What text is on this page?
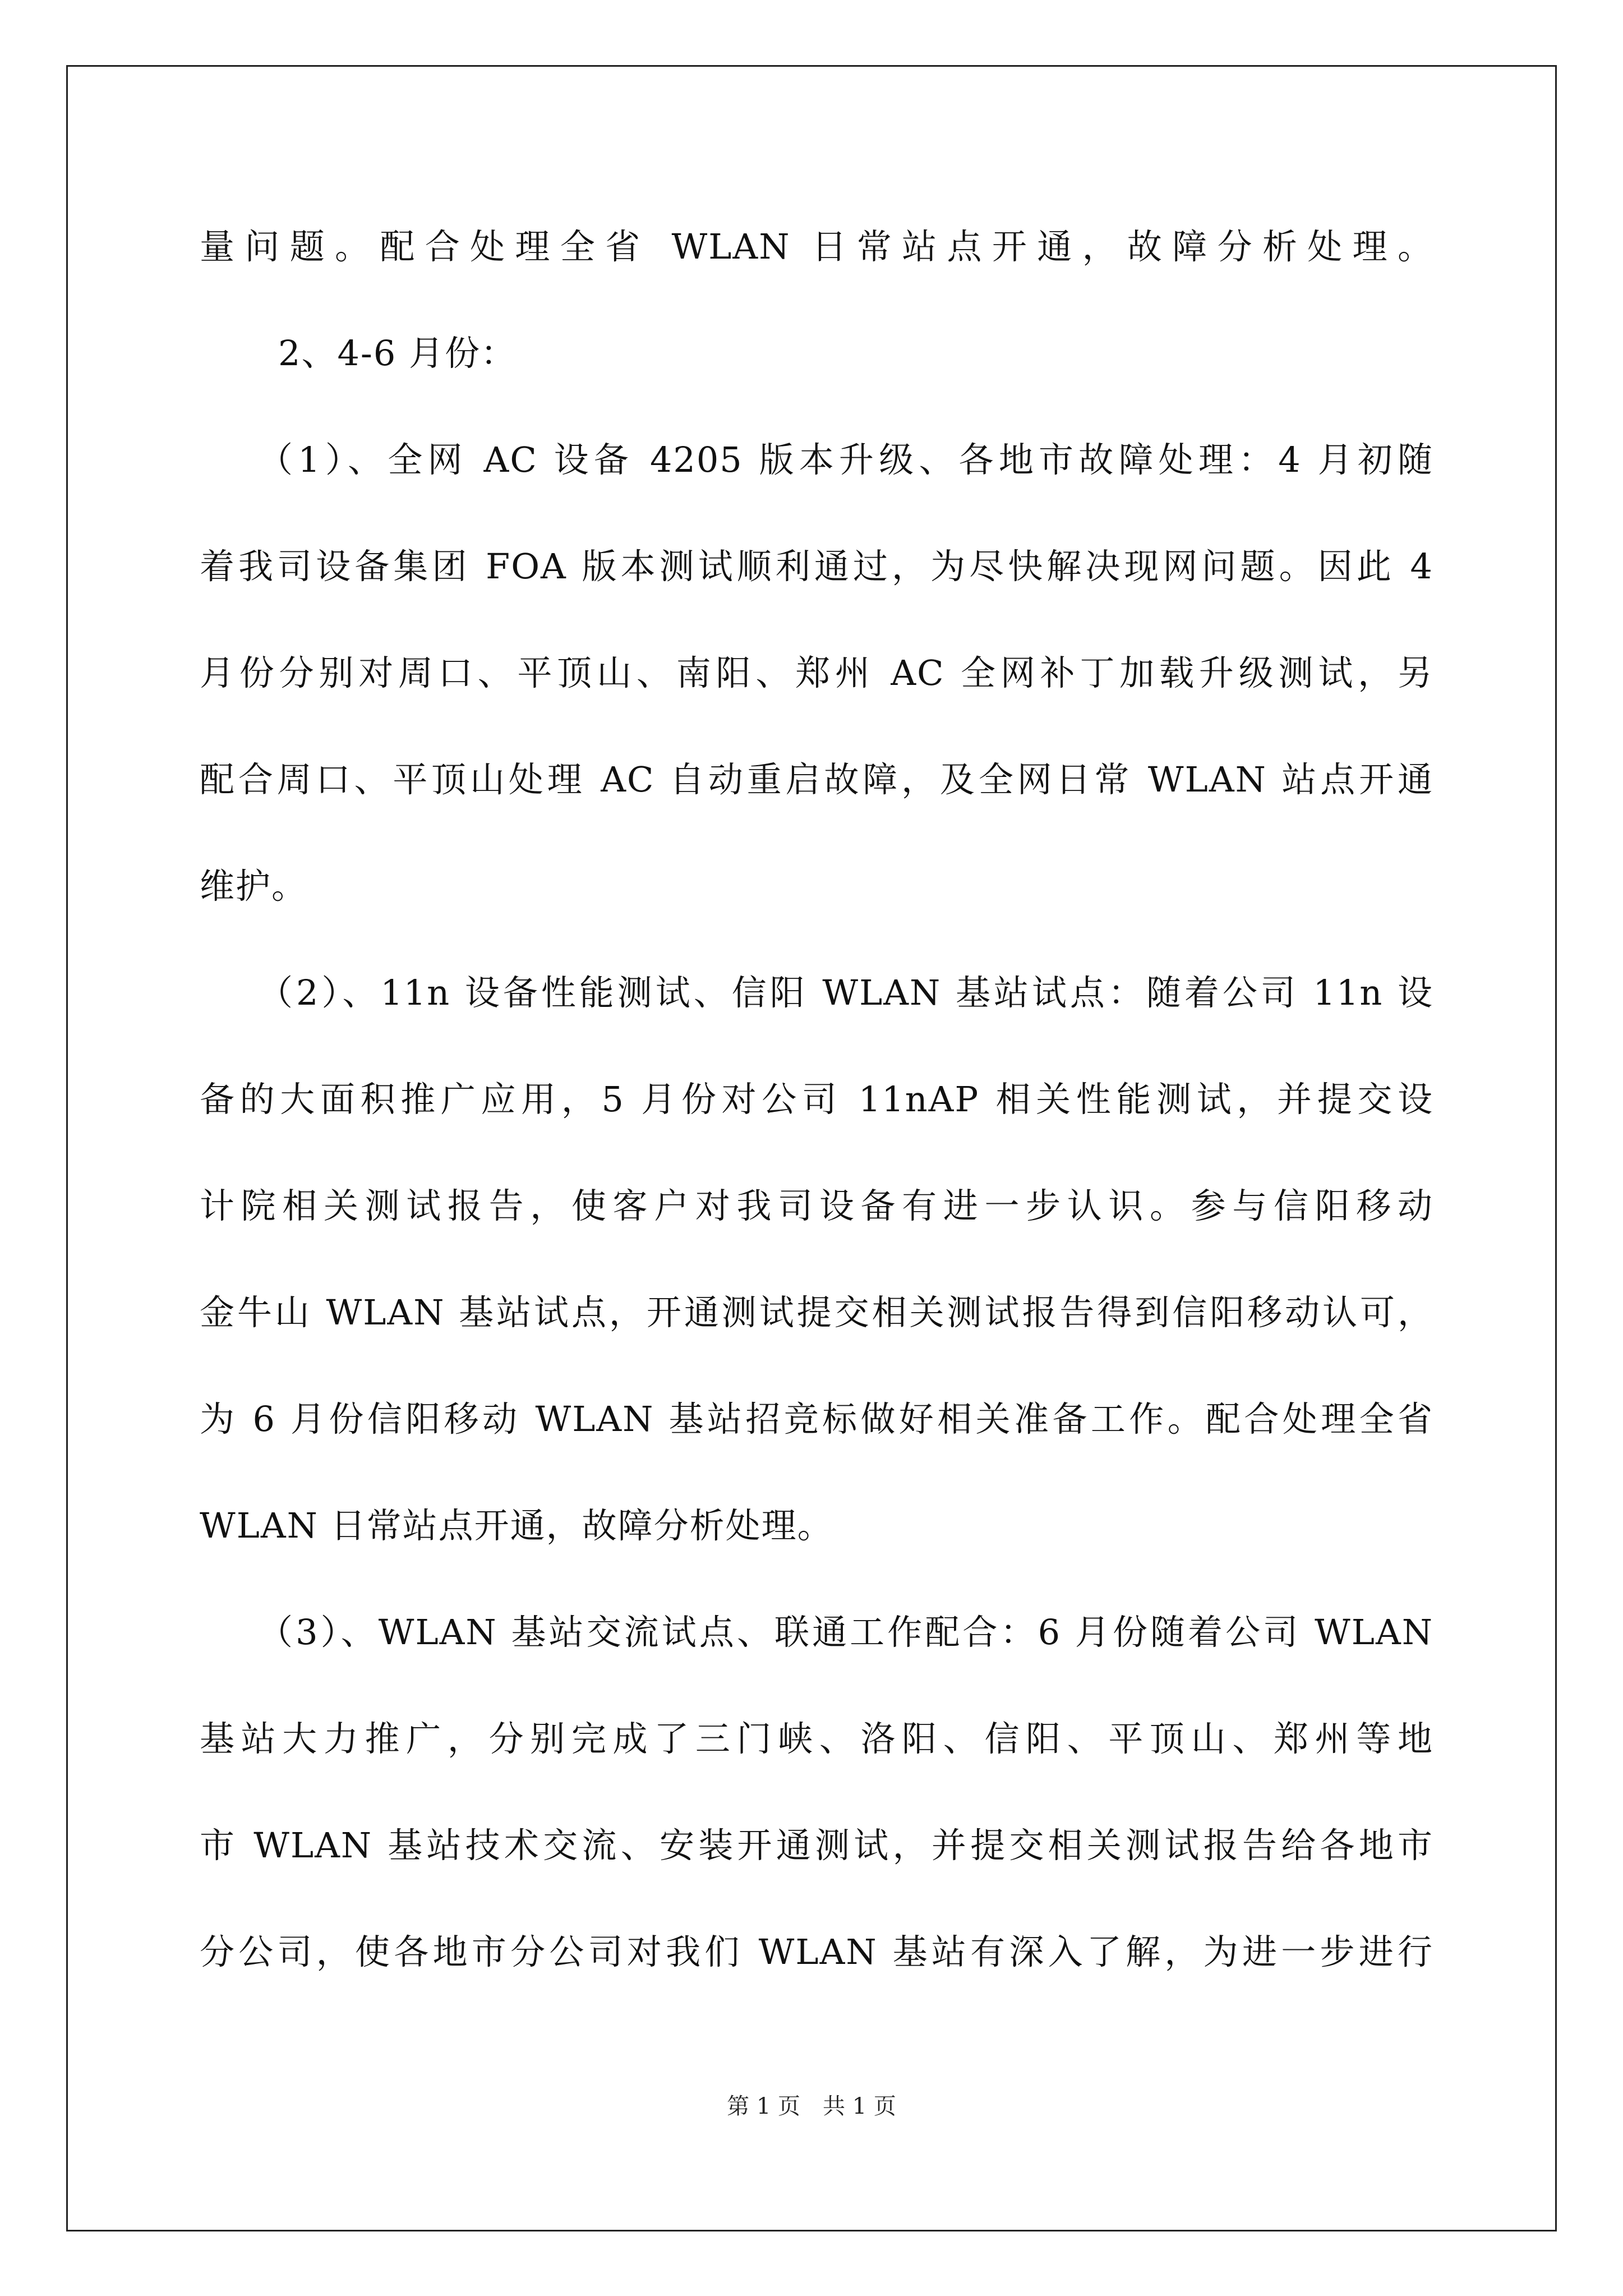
量问题。配合处理全省 WLAN 日常站点开通，故障分析处理。
2、4-6 月份：
（1）、全网 AC 设备 4205 版本升级、各地市故障处理：4 月初随
着我司设备集团 FOA 版本测试顺利通过，为尽快解决现网问题。因此 4
月份分别对周口、平顶山、南阳、郑州 AC 全网补丁加载升级测试，另
配合周口、平顶山处理 AC 自动重启故障，及全网日常 WLAN 站点开通
维护。
（2）、11n 设备性能测试、信阳 WLAN 基站试点：随着公司 11n 设
备的大面积推广应用，5 月份对公司 11nAP 相关性能测试，并提交设
计院相关测试报告，使客户对我司设备有进一步认识。参与信阳移动
金牛山 WLAN 基站试点，开通测试提交相关测试报告得到信阳移动认可，
为 6 月份信阳移动 WLAN 基站招竞标做好相关准备工作。配合处理全省
WLAN 日常站点开通，故障分析处理。
（3）、WLAN 基站交流试点、联通工作配合：6 月份随着公司 WLAN
基站大力推广，分别完成了三门峡、洛阳、信阳、平顶山、郑州等地
市 WLAN 基站技术交流、安装开通测试，并提交相关测试报告给各地市
分公司，使各地市分公司对我们 WLAN 基站有深入了解，为进一步进行
第 1 页　共 1 页
